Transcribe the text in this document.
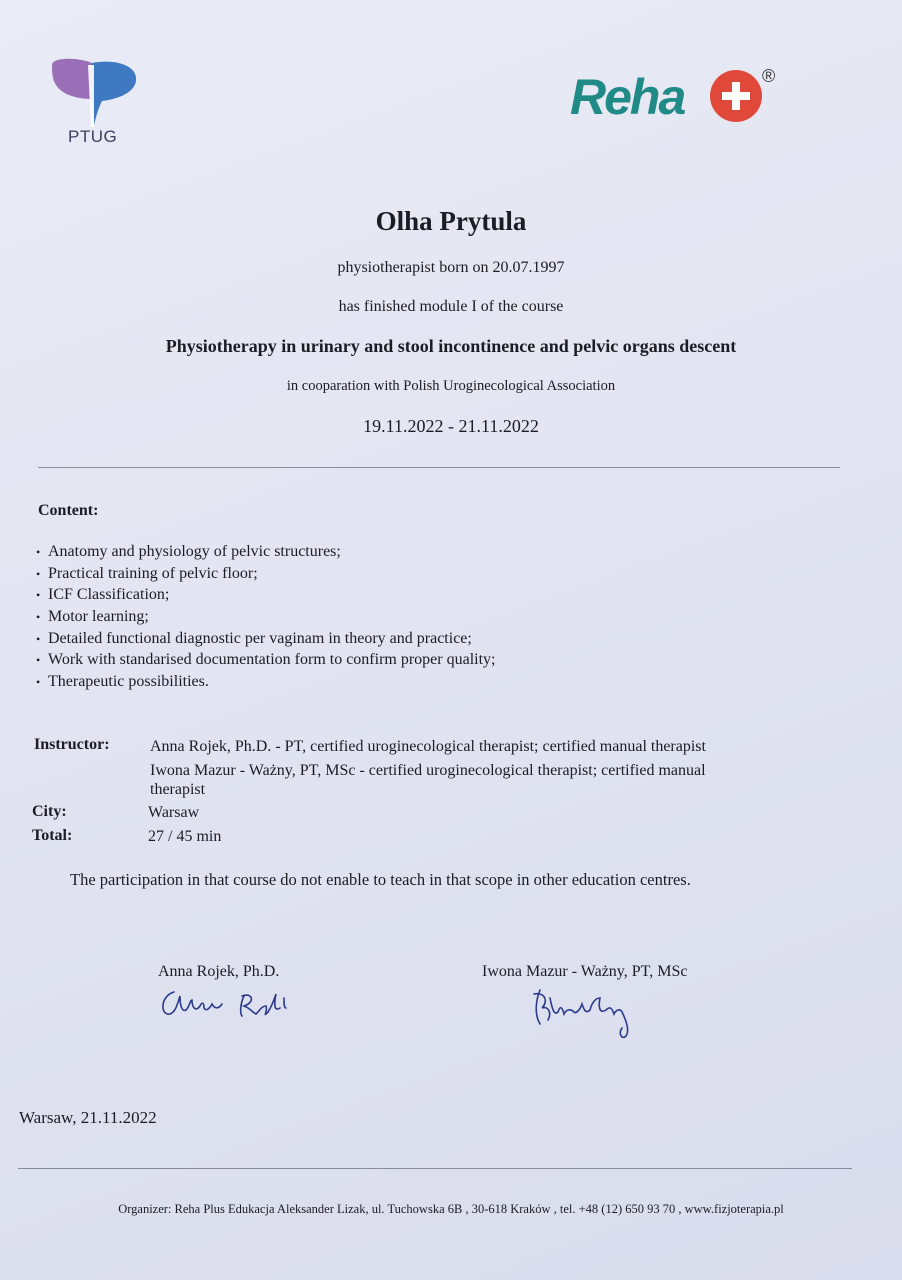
PTUG
Reha	®
Olha Prytula
physiotherapist born on 20.07.1997
has finished module I of the course
Physiotherapy in urinary and stool incontinence and pelvic organs descent
in cooparation with Polish Uroginecological Association
19.11.2022 - 21.11.2022
Content:
• Anatomy and physiology of pelvic structures;
• Practical training of pelvic floor;
• ICF Classification;
• Motor learning;
• Detailed functional diagnostic per vaginam in theory and practice;
• Work with standarised documentation form to confirm proper quality;
• Therapeutic possibilities.
Instructor:	Anna Rojek, Ph.D. - PT, certified uroginecological therapist; certified manual therapist
Iwona Mazur - Ważny, PT, MSc - certified uroginecological therapist; certified manual
therapist
City:	Warsaw
Total:	27 / 45 min
The participation in that course do not enable to teach in that scope in other education centres.
Anna Rojek, Ph.D.	Iwona Mazur - Ważny, PT, MSc
Warsaw, 21.11.2022
Organizer: Reha Plus Edukacja Aleksander Lizak, ul. Tuchowska 6B , 30-618 Kraków , tel. +48 (12) 650 93 70 , www.fizjoterapia.pl
